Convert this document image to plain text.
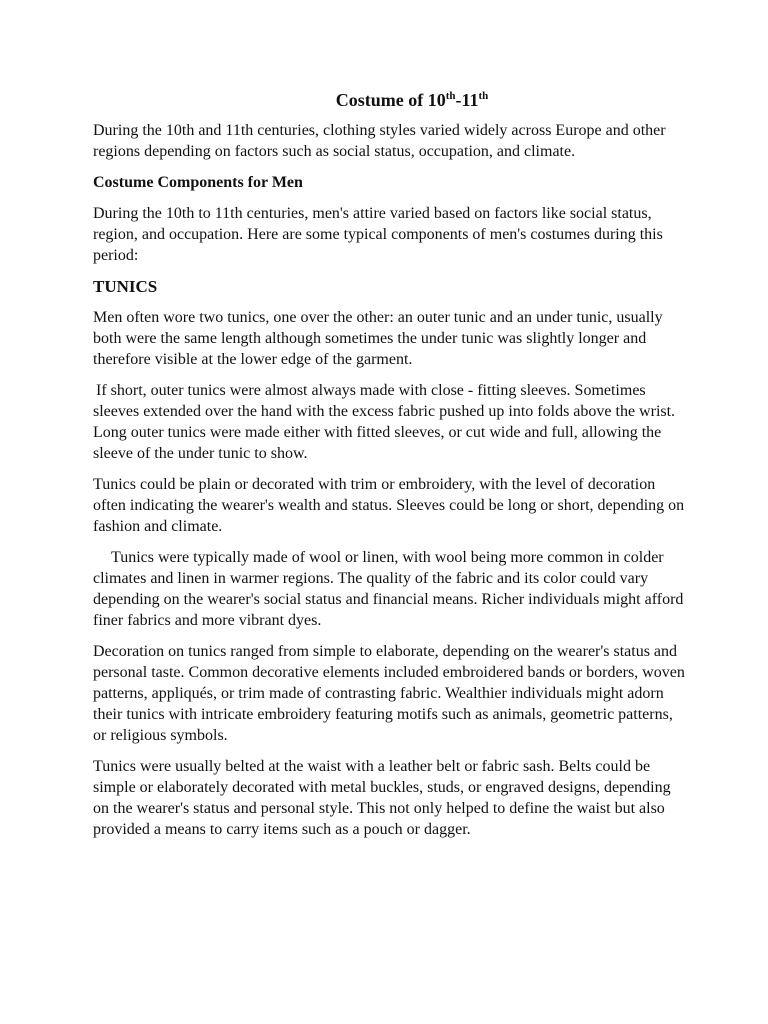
Costume of 10th-11th

During the 10th and 11th centuries, clothing styles varied widely across Europe and other regions depending on factors such as social status, occupation, and climate.

Costume Components for Men

During the 10th to 11th centuries, men's attire varied based on factors like social status, region, and occupation. Here are some typical components of men's costumes during this period:

TUNICS

Men often wore two tunics, one over the other: an outer tunic and an under tunic, usually both were the same length although sometimes the under tunic was slightly longer and therefore visible at the lower edge of the garment.

If short, outer tunics were almost always made with close - fitting sleeves. Sometimes sleeves extended over the hand with the excess fabric pushed up into folds above the wrist. Long outer tunics were made either with fitted sleeves, or cut wide and full, allowing the sleeve of the under tunic to show.

Tunics could be plain or decorated with trim or embroidery, with the level of decoration often indicating the wearer's wealth and status. Sleeves could be long or short, depending on fashion and climate.

Tunics were typically made of wool or linen, with wool being more common in colder climates and linen in warmer regions. The quality of the fabric and its color could vary depending on the wearer's social status and financial means. Richer individuals might afford finer fabrics and more vibrant dyes.

Decoration on tunics ranged from simple to elaborate, depending on the wearer's status and personal taste. Common decorative elements included embroidered bands or borders, woven patterns, appliqués, or trim made of contrasting fabric. Wealthier individuals might adorn their tunics with intricate embroidery featuring motifs such as animals, geometric patterns, or religious symbols.

Tunics were usually belted at the waist with a leather belt or fabric sash. Belts could be simple or elaborately decorated with metal buckles, studs, or engraved designs, depending on the wearer's status and personal style. This not only helped to define the waist but also provided a means to carry items such as a pouch or dagger.
